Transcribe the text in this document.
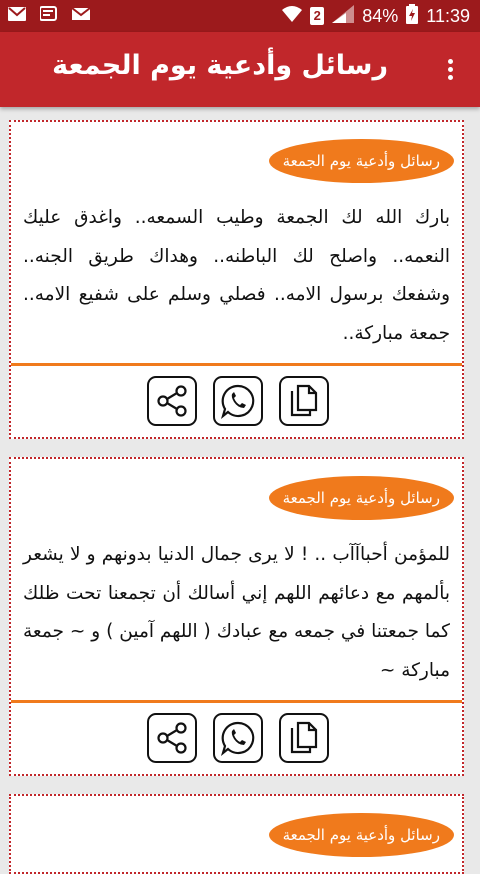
2 84% 11:39
رسائل وأدعية يوم الجمعة
رسائل وأدعية يوم الجمعة
بارك الله لك الجمعة وطيب السمعه.. واغدق عليك النعمه.. واصلح لك الباطنه.. وهداك طريق الجنه.. وشفعك برسول الامه.. فصلي وسلم على شفيع الامه.. جمعة مباركة..
رسائل وأدعية يوم الجمعة
للمؤمن أحباآآب .. ! لا يرى جمال الدنيا بدونهم و لا يشعر بألمهم مع دعائهم اللهم إني أسالك أن تجمعنا تحت ظلك كما جمعتنا في جمعه مع عبادك ( اللهم آمين ) و ~ جمعة مباركة ~
رسائل وأدعية يوم الجمعة
